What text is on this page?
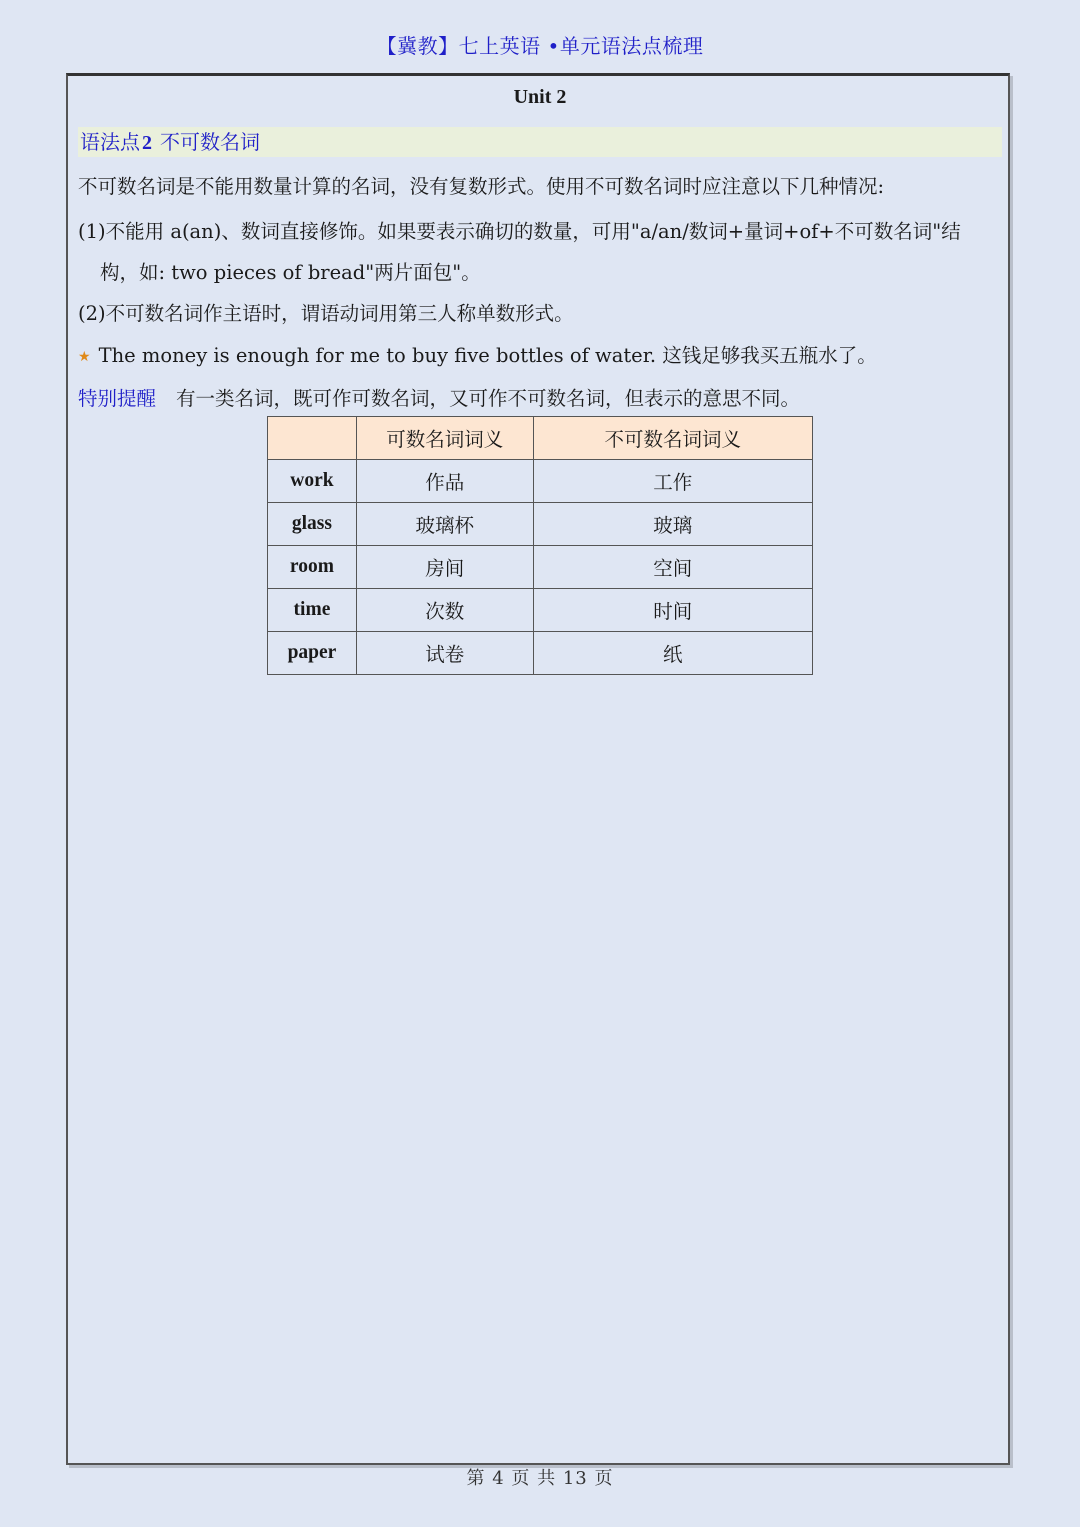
【冀教】七上英语 •单元语法点梳理
Unit 2
语法点 2 不可数名词
不可数名词是不能用数量计算的名词，没有复数形式。使用不可数名词时应注意以下几种情况:
(1)不能用 a(an)、数词直接修饰。如果要表示确切的数量，可用"a/an/数词+量词+of+不可数名词"结
构，如: two pieces of bread"两片面包"。
(2)不可数名词作主语时，谓语动词用第三人称单数形式。
★ The money is enough for me to buy five bottles of water. 这钱足够我买五瓶水了。
特别提醒 有一类名词，既可作可数名词，又可作不可数名词，但表示的意思不同。
	可数名词词义	不可数名词词义
work	作品	工作
glass	玻璃杯	玻璃
room	房间	空间
time	次数	时间
paper	试卷	纸
第 4 页 共 13 页
